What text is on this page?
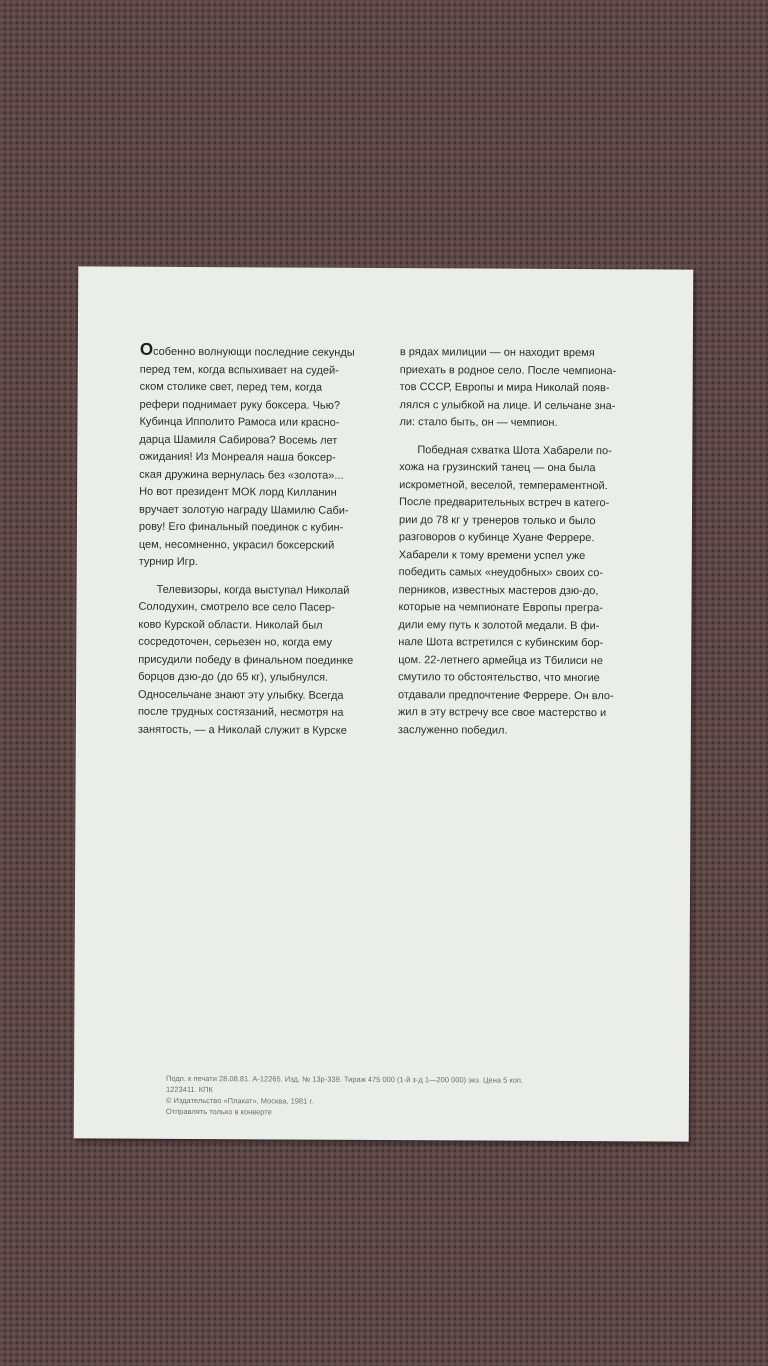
Особенно волнующи последние секунды
перед тем, когда вспыхивает на судей-
ском столике свет, перед тем, когда
рефери поднимает руку боксера. Чью?
Кубинца Ипполито Рамоса или красно-
дарца Шамиля Сабирова? Восемь лет
ожидания! Из Монреаля наша боксер-
ская дружина вернулась без «золота»...
Но вот президент МОК лорд Килланин
вручает золотую награду Шамилю Саби-
рову! Его финальный поединок с кубин-
цем, несомненно, украсил боксерский
турнир Игр.

Телевизоры, когда выступал Николай
Солодухин, смотрело все село Пасер-
ково Курской области. Николай был
сосредоточен, серьезен но, когда ему
присудили победу в финальном поединке
борцов дзю-до (до 65 кг), улыбнулся.
Односельчане знают эту улыбку. Всегда
после трудных состязаний, несмотря на
занятость, — а Николай служит в Курске

в рядах милиции — он находит время
приехать в родное село. После чемпиона-
тов СССР, Европы и мира Николай появ-
лялся с улыбкой на лице. И сельчане зна-
ли: стало быть, он — чемпион.

Победная схватка Шота Хабарели по-
хожа на грузинский танец — она была
искрометной, веселой, темпераментной.
После предварительных встреч в катего-
рии до 78 кг у тренеров только и было
разговоров о кубинце Хуане Феррере.
Хабарели к тому времени успел уже
победить самых «неудобных» своих со-
перников, известных мастеров дзю-до,
которые на чемпионате Европы прегра-
дили ему путь к золотой медали. В фи-
нале Шота встретился с кубинским бор-
цом. 22-летнего армейца из Тбилиси не
смутило то обстоятельство, что многие
отдавали предпочтение Феррере. Он вло-
жил в эту встречу все свое мастерство и
заслуженно победил.

Подп. к печати 28.08.81. А-12265. Изд. № 13р-339. Тираж 475 000 (1-й з-д 1—200 000) экз. Цена 5 коп.
1223411. КПК
© Издательство «Плакат», Москва, 1981 г.
Отправлять только в конверте
